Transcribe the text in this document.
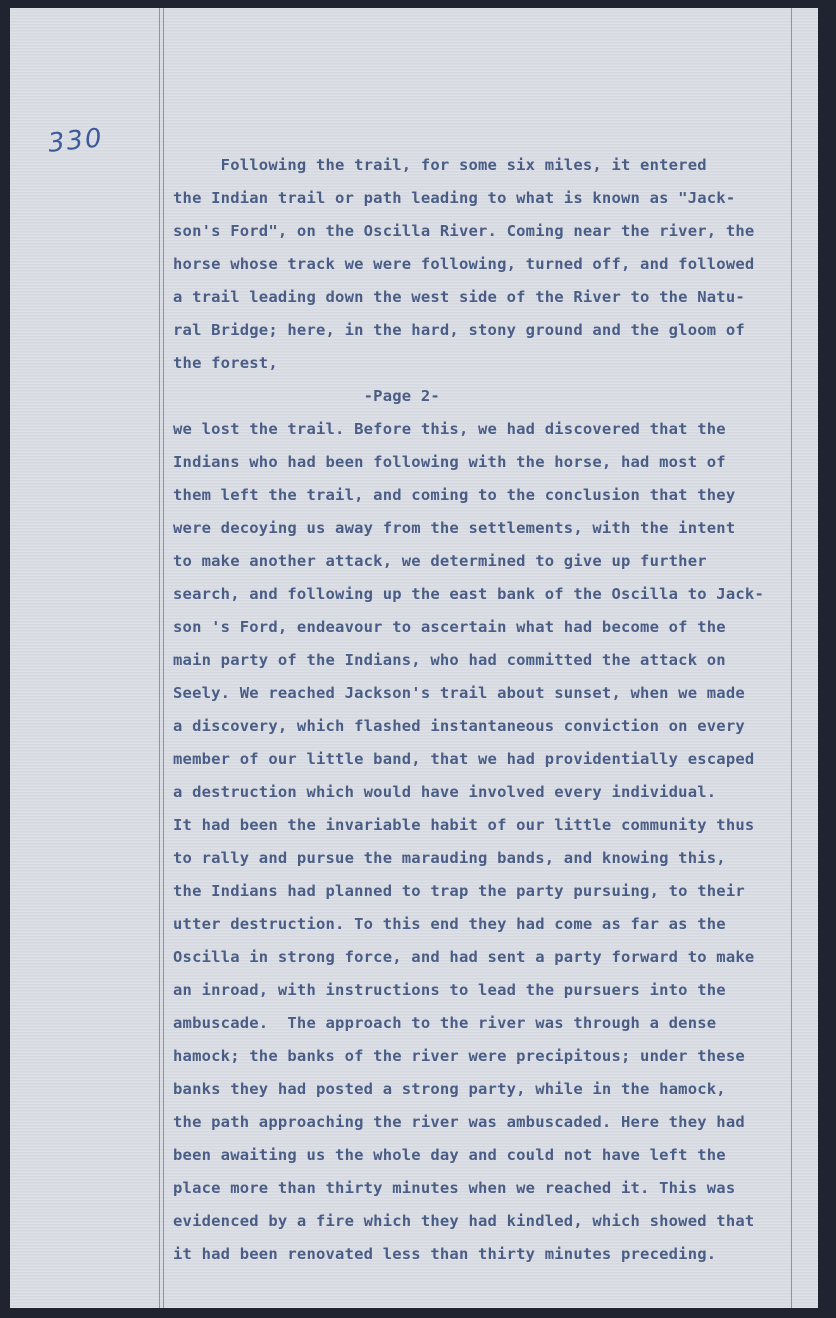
330
Following the trail, for some six miles, it entered
the Indian trail or path leading to what is known as "Jack-
son's Ford", on the Oscilla River. Coming near the river, the
horse whose track we were following, turned off, and followed
a trail leading down the west side of the River to the Natu-
ral Bridge; here, in the hard, stony ground and the gloom of
the forest,
-Page 2-
we lost the trail. Before this, we had discovered that the
Indians who had been following with the horse, had most of
them left the trail, and coming to the conclusion that they
were decoying us away from the settlements, with the intent
to make another attack, we determined to give up further
search, and following up the east bank of the Oscilla to Jack-
son 's Ford, endeavour to ascertain what had become of the
main party of the Indians, who had committed the attack on
Seely. We reached Jackson's trail about sunset, when we made
a discovery, which flashed instantaneous conviction on every
member of our little band, that we had providentially escaped
a destruction which would have involved every individual.
It had been the invariable habit of our little community thus
to rally and pursue the marauding bands, and knowing this,
the Indians had planned to trap the party pursuing, to their
utter destruction. To this end they had come as far as the
Oscilla in strong force, and had sent a party forward to make
an inroad, with instructions to lead the pursuers into the
ambuscade.  The approach to the river was through a dense
hamock; the banks of the river were precipitous; under these
banks they had posted a strong party, while in the hamock,
the path approaching the river was ambuscaded. Here they had
been awaiting us the whole day and could not have left the
place more than thirty minutes when we reached it. This was
evidenced by a fire which they had kindled, which showed that
it had been renovated less than thirty minutes preceding.
